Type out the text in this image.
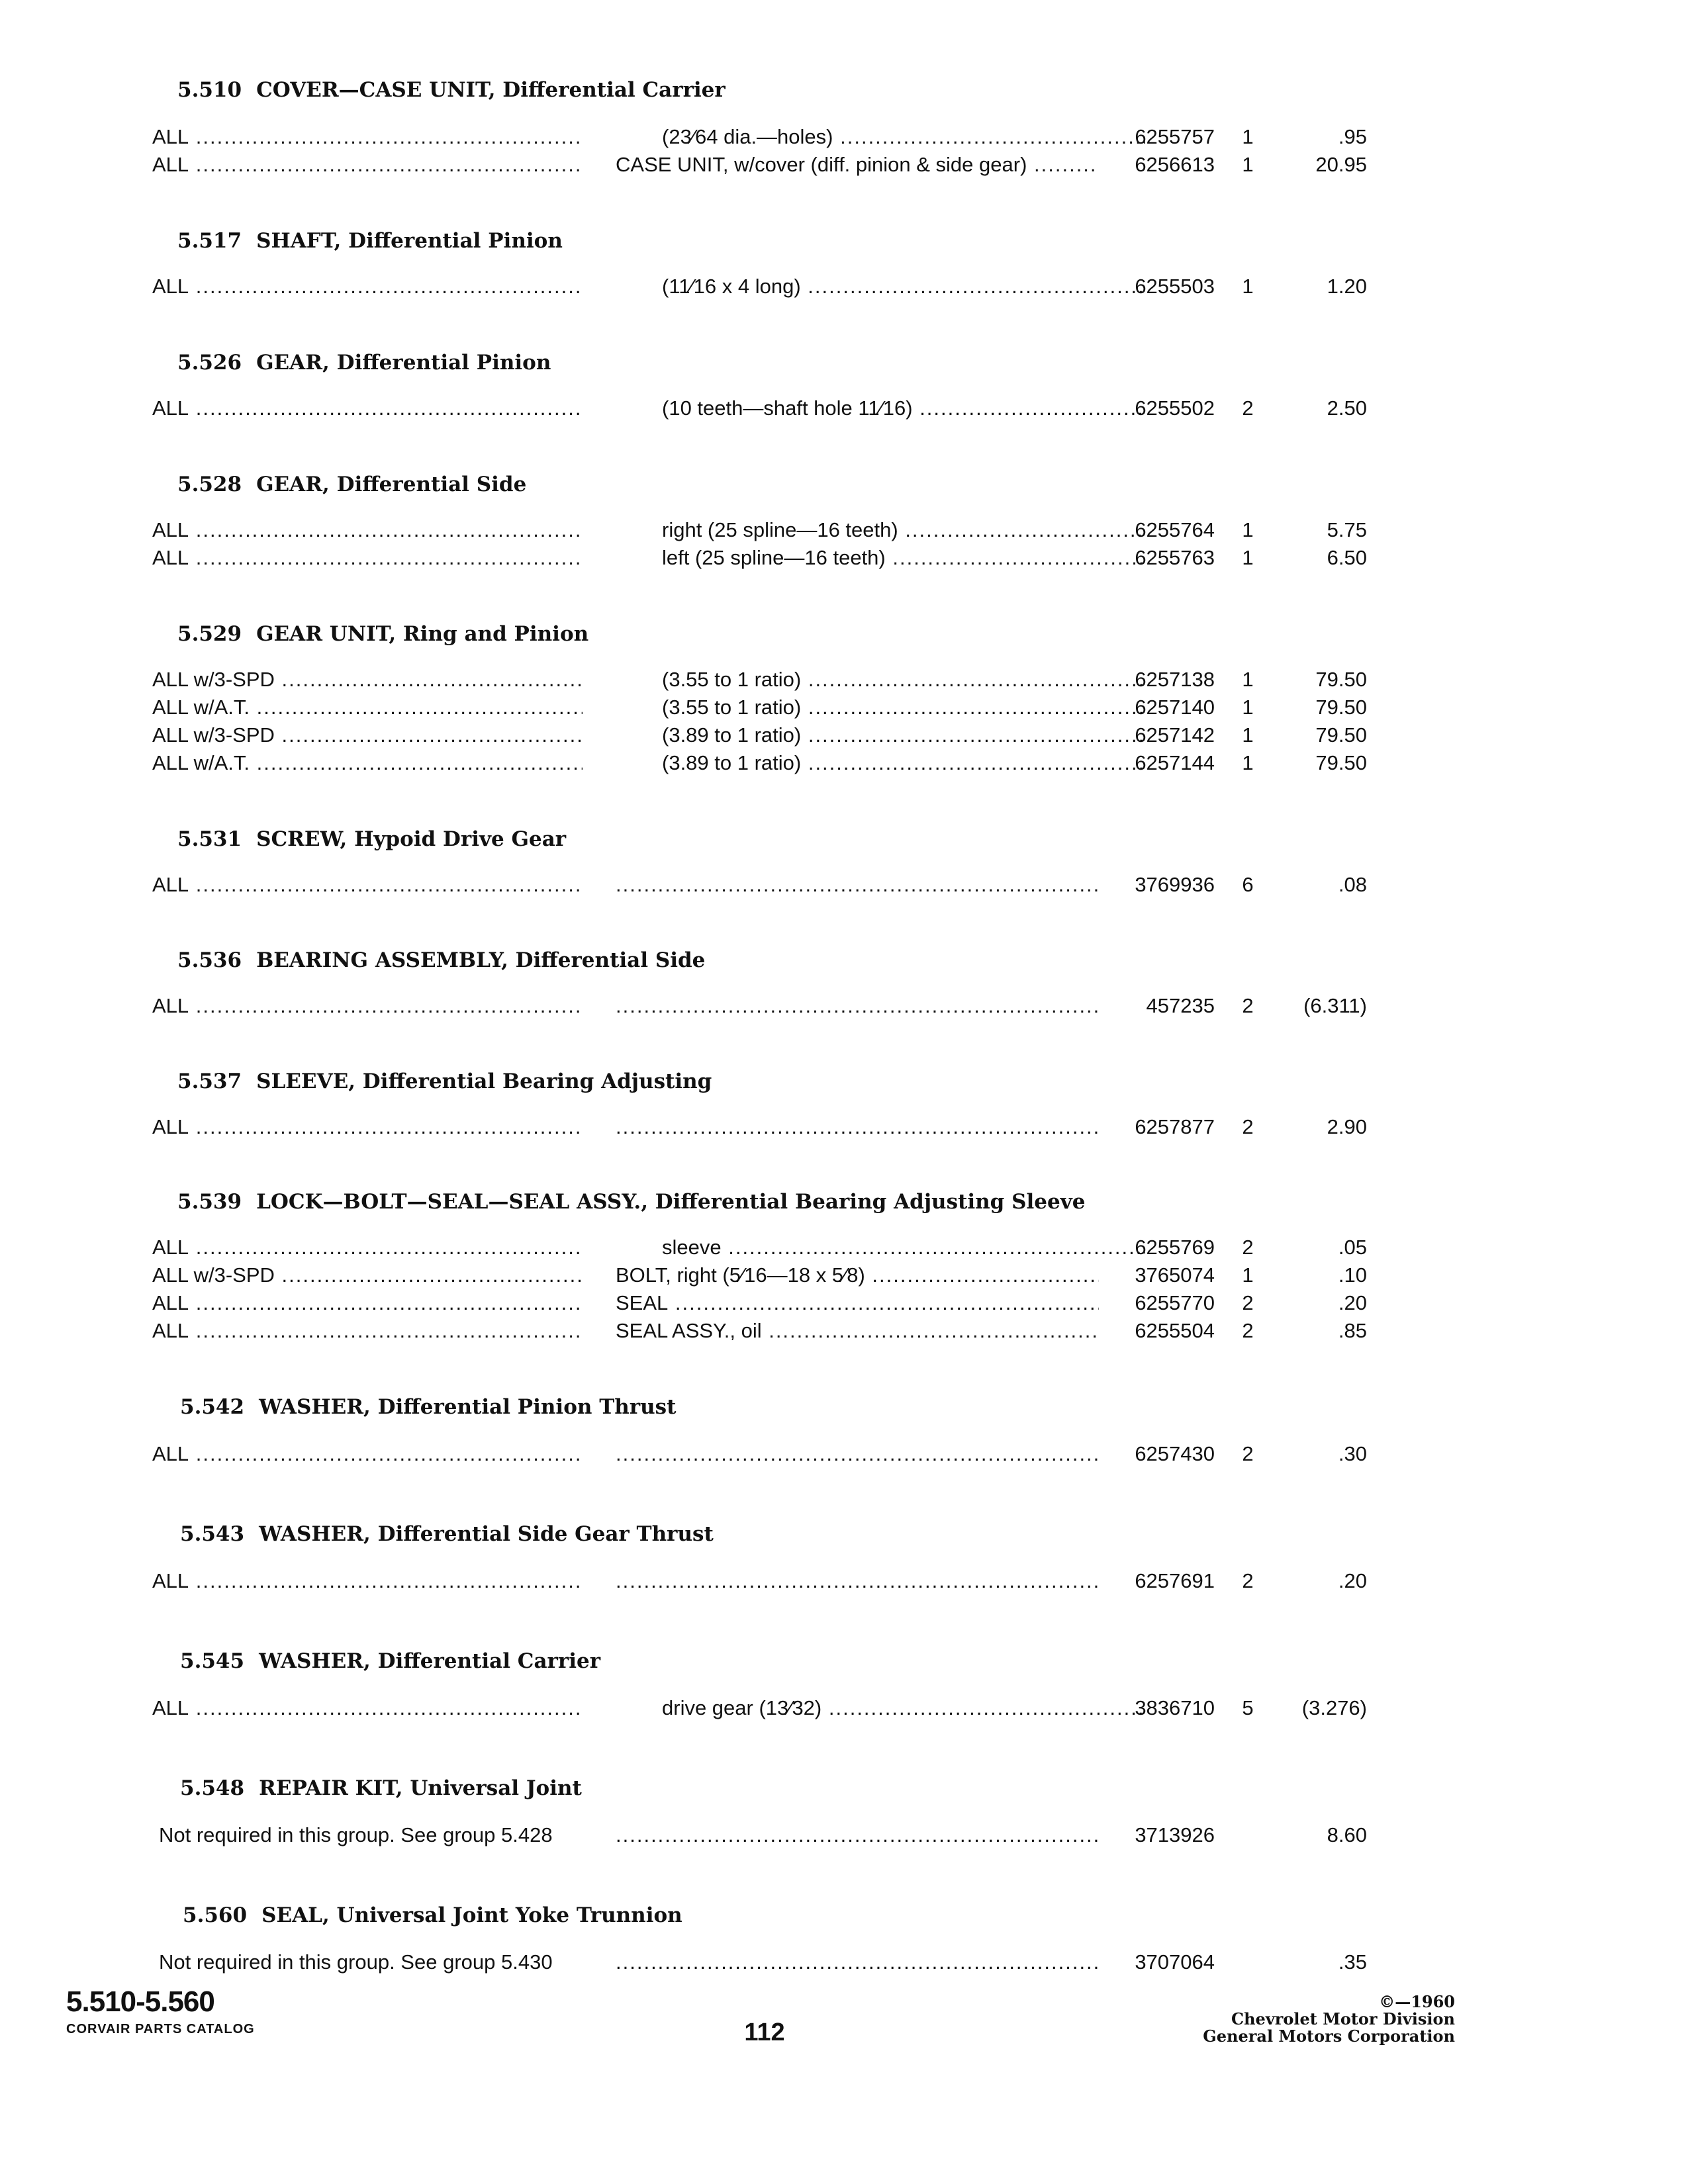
5.510 COVER—CASE UNIT, Differential Carrier
ALL .....	(23⁄64 dia.—holes) .....	6255757 1	.95
ALL .....	CASE UNIT, w/cover (diff. pinion & side gear) .....	6256613 1	20.95
5.517 SHAFT, Differential Pinion
ALL .....	(11⁄16 x 4 long) .....	6255503 1	1.20
5.526 GEAR, Differential Pinion
ALL .....	(10 teeth—shaft hole 11⁄16) .....	6255502 2	2.50
5.528 GEAR, Differential Side
ALL .....	right (25 spline—16 teeth) .....	6255764 1	5.75
ALL .....	left (25 spline—16 teeth) .....	6255763 1	6.50
5.529 GEAR UNIT, Ring and Pinion
ALL w/3-SPD .....	(3.55 to 1 ratio) .....	6257138 1	79.50
ALL w/A.T. .....	(3.55 to 1 ratio) .....	6257140 1	79.50
ALL w/3-SPD .....	(3.89 to 1 ratio) .....	6257142 1	79.50
ALL w/A.T. .....	(3.89 to 1 ratio) .....	6257144 1	79.50
5.531 SCREW, Hypoid Drive Gear
ALL ..... .....	3769936 6	.08
5.536 BEARING ASSEMBLY, Differential Side
ALL ..... .....	457235 2	(6.311)
5.537 SLEEVE, Differential Bearing Adjusting
ALL ..... .....	6257877 2	2.90
5.539 LOCK—BOLT—SEAL—SEAL ASSY., Differential Bearing Adjusting Sleeve
ALL .....	sleeve .....	6255769 2	.05
ALL w/3-SPD .....	BOLT, right (5⁄16—18 x 5⁄8) .....	3765074 1	.10
ALL .....	SEAL .....	6255770 2	.20
ALL .....	SEAL ASSY., oil .....	6255504 2	.85
5.542 WASHER, Differential Pinion Thrust
ALL ..... .....	6257430 2	.30
5.543 WASHER, Differential Side Gear Thrust
ALL ..... .....	6257691 2	.20
5.545 WASHER, Differential Carrier
ALL .....	drive gear (13⁄32) .....	3836710 5	(3.276)
5.548 REPAIR KIT, Universal Joint
Not required in this group. See group 5.428 .....	3713926	8.60
5.560 SEAL, Universal Joint Yoke Trunnion
Not required in this group. See group 5.430 .....	3707064	.35
5.510-5.560
CORVAIR PARTS CATALOG	112
©—1960
Chevrolet Motor Division
General Motors Corporation
